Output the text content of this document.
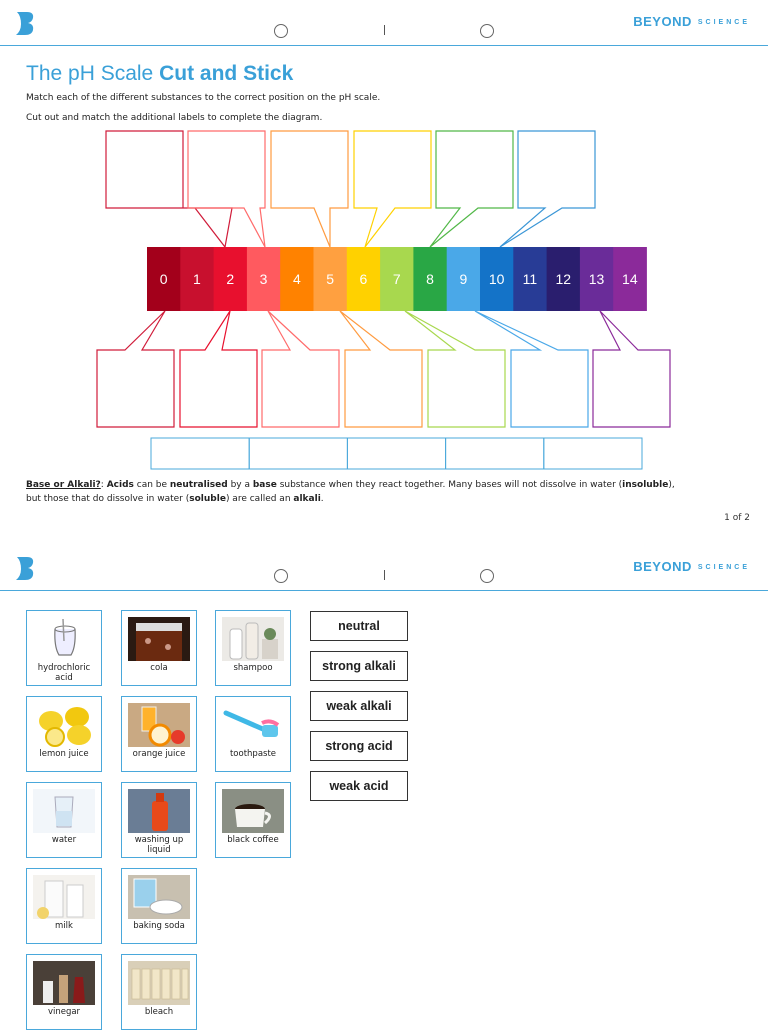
BEYOND SCIENCE
The pH Scale Cut and Stick
Match each of the different substances to the correct position on the pH scale.
Cut out and match the additional labels to complete the diagram.
0 1 2 3 4 5 6 7 8 9 10 11 12 13 14
Base or Alkali?: Acids can be neutralised by a base substance when they react together. Many bases will not dissolve in water (insoluble),
but those that do dissolve in water (soluble) are called an alkali.
1 of 2
BEYOND SCIENCE
hydrochloric acid
cola	shampoo
lemon juice	orange juice	toothpaste
water	washing up liquid
black coffee
milk	baking soda
vinegar	bleach
neutral
strong alkali
weak alkali
strong acid
weak acid
